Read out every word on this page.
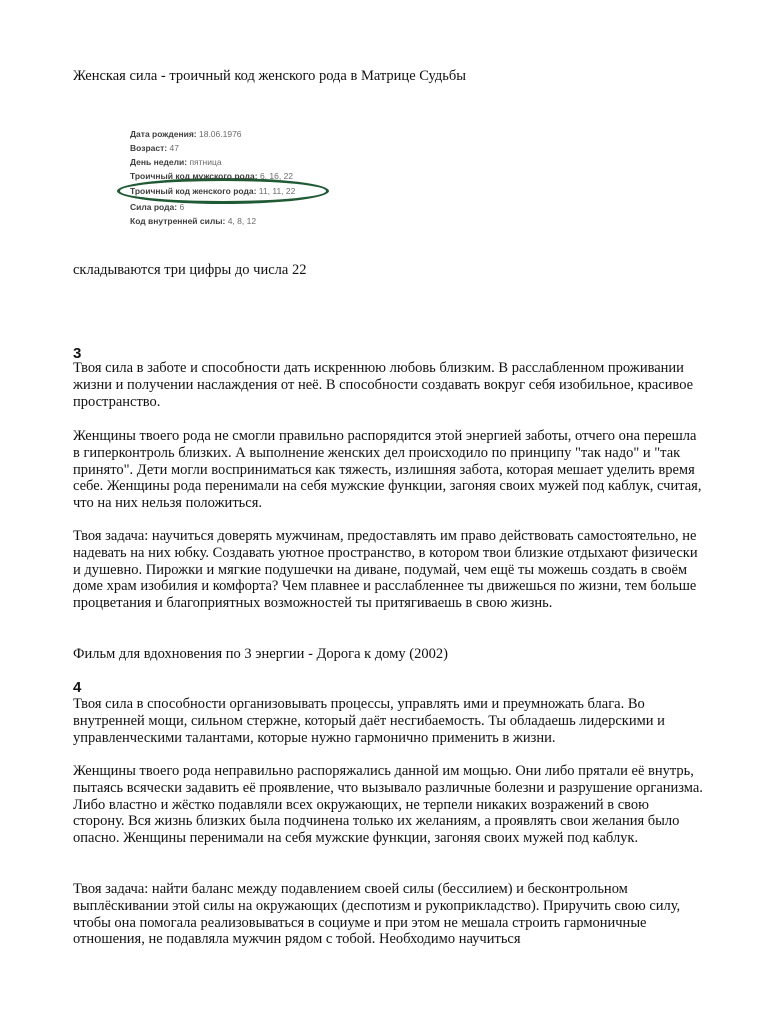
Женская сила - троичный код женского рода в Матрице Судьбы
Дата рождения: 18.06.1976
Возраст: 47
День недели: пятница
Троичный код мужского рода: 6, 16, 22
Троичный код женского рода: 11, 11, 22
Сила рода: 6
Код внутренней силы: 4, 8, 12
складываются три цифры до числа 22
3
Твоя сила в заботе и способности дать искреннюю любовь близким. В расслабленном проживании жизни и получении наслаждения от неё. В способности создавать вокруг себя изобильное, красивое пространство.
Женщины твоего рода не смогли правильно распорядится этой энергией заботы, отчего она перешла в гиперконтроль близких. А выполнение женских дел происходило по принципу "так надо" и "так принято". Дети могли восприниматься как тяжесть, излишняя забота, которая мешает уделить время себе. Женщины рода перенимали на себя мужские функции, загоняя своих мужей под каблук, считая, что на них нельзя положиться.
Твоя задача: научиться доверять мужчинам, предоставлять им право действовать самостоятельно, не надевать на них юбку. Создавать уютное пространство, в котором твои близкие отдыхают физически и душевно. Пирожки и мягкие подушечки на диване, подумай, чем ещё ты можешь создать в своём доме храм изобилия и комфорта? Чем плавнее и расслабленнее ты движешься по жизни, тем больше процветания и благоприятных возможностей ты притягиваешь в свою жизнь.
Фильм для вдохновения по 3 энергии - Дорога к дому (2002)
4
Твоя сила в способности организовывать процессы, управлять ими и преумножать блага. Во внутренней мощи, сильном стержне, который даёт несгибаемость. Ты обладаешь лидерскими и управленческими талантами, которые нужно гармонично применить в жизни.
Женщины твоего рода неправильно распоряжались данной им мощью. Они либо прятали её внутрь, пытаясь всячески задавить её проявление, что вызывало различные болезни и разрушение организма. Либо властно и жёстко подавляли всех окружающих, не терпели никаких возражений в свою сторону. Вся жизнь близких была подчинена только их желаниям, а проявлять свои желания было опасно. Женщины перенимали на себя мужские функции, загоняя своих мужей под каблук.
Твоя задача: найти баланс между подавлением своей силы (бессилием) и бесконтрольном выплёскивании этой силы на окружающих (деспотизм и рукоприкладство). Приручить свою силу, чтобы она помогала реализовываться в социуме и при этом не мешала строить гармоничные отношения, не подавляла мужчин рядом с тобой. Необходимо научиться
